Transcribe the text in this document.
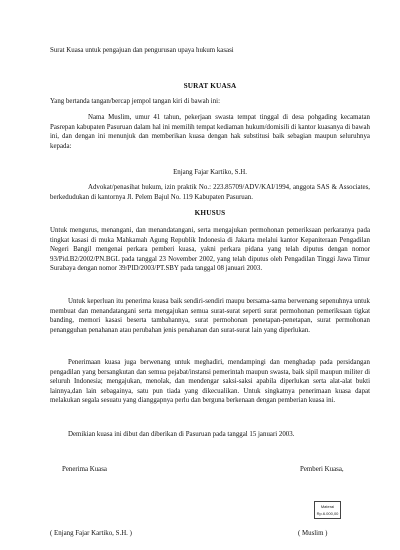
Surat Kuasa untuk pengajuan dan pengurusan upaya hukum kasasi

SURAT KUASA

Yang bertanda tangan/bercap jempol tangan kiri di bawah ini:

Nama Muslim, umur 41 tahun, pekerjaan swasta tempat tinggal di desa pohgading kecamatan Pasrepan kabupaten Pasuruan dalam hal ini memilih tempat kediaman hukum/domisili di kantor kuasanya di bawah ini, dan dengan ini menunjuk dan memberikan kuasa dengan hak substitusi baik sebagian maupun seluruhnya kepada:

Enjang Fajar Kartiko, S.H.

Advokat/penasihat hukum, izin praktik No.: 223.85709/ADV/KAI/1994, anggota SAS & Associates, berkedudukan di kantornya Jl. Pelem Bajul No. 119 Kabupaten Pasuruan.

KHUSUS

Untuk mengurus, menangani, dan menandatangani, serta mengajukan permohonan pemeriksaan perkaranya pada tingkat kasasi di muka Mahkamah Agung Republik Indonesia di Jakarta melalui kantor Kepaniteraan Pengadilan Negeri Bangil mengenai perkara pemberi kuasa, yakni perkara pidana yang telah diputus dengan nomor 93/Pid.B2/2002/PN.BGL pada tanggal 23 November 2002, yang telah diputus oleh Pengadilan Tinggi Jawa Timur Surabaya dengan nomor 39/PID/2003/PT.SBY pada tanggal 08 januari 2003.

Untuk keperluan itu penerima kuasa baik sendiri-sendiri maupu bersama-sama berwenang sepenuhnya untuk membuat dan menandatangani serta mengajukan semua surat-surat seperti surat permohonan pemeriksaan tigkat banding, memori kasasi beserta tambahannya, surat permohonan penetapan-penetapan, surat permohonan penangguhan penahanan atau perubahan jenis penahanan dan surat-surat lain yang diperlukan.

Penerimaan kuasa juga berwenang untuk meghadiri, mendampingi dan menghadap pada persidangan pengadilan yang bersangkutan dan semua pejabat/instansi pemerintah maupun swasta, baik sipil maupun militer di seluruh Indonesia; mengajukan, menolak, dan mendengar saksi-saksi apabila diperlukan serta alat-alat bukti lainnya,dan lain sebagainya, satu pun tiada yang dikecualikan. Untuk singkatnya penerimaan kuasa dapat melakukan segala sesuatu yang dianggapnya perlu dan berguna berkenaan dengan pemberian kuasa ini.

Demikian kuasa ini dibut dan diberikan di Pasuruan pada tanggal 15 januari 2003.

Penerima Kuasa	Pemberi Kuasa,

Materai
Rp.6.000,00

( Enjang Fajar Kartiko, S.H. )	( Muslim )
